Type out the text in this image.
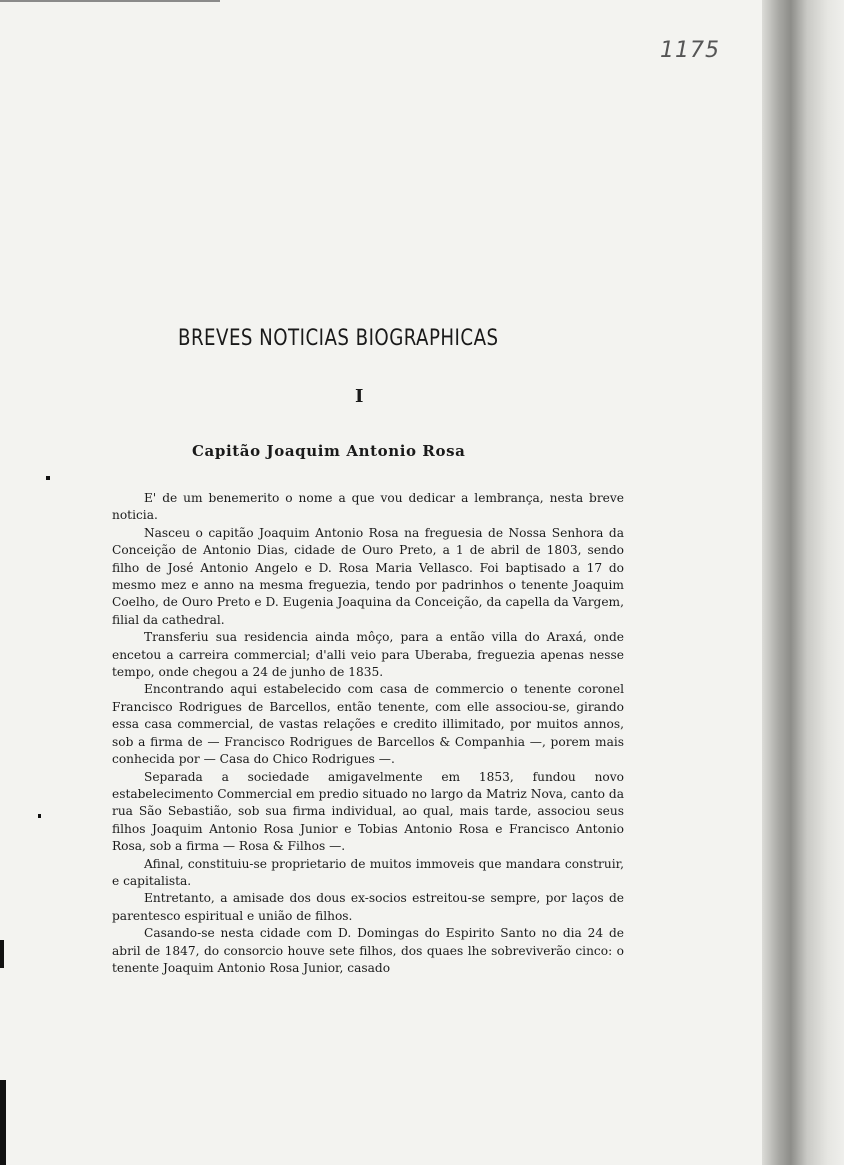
1175
BREVES NOTICIAS BIOGRAPHICAS
I
Capitão Joaquim Antonio Rosa

E' de um benemerito o nome a que vou dedicar a lembrança, nesta breve noticia.

Nasceu o capitão Joaquim Antonio Rosa na freguesia de Nossa Senhora da Conceição de Antonio Dias, cidade de Ouro Preto, a 1 de abril de 1803, sendo filho de José Antonio Angelo e D. Rosa Maria Vellasco. Foi baptisado a 17 do mesmo mez e anno na mesma freguezia, tendo por padrinhos o tenente Joaquim Coelho, de Ouro Preto e D. Eugenia Joaquina da Conceição, da capella da Vargem, filial da cathedral.

Transferiu sua residencia ainda môço, para a então villa do Araxá, onde encetou a carreira commercial; d'alli veio para Uberaba, freguezia apenas nesse tempo, onde chegou a 24 de junho de 1835.

Encontrando aqui estabelecido com casa de commercio o tenente coronel Francisco Rodrigues de Barcellos, então tenente, com elle associou-se, girando essa casa commercial, de vastas relações e credito illimitado, por muitos annos, sob a firma de — Francisco Rodrigues de Barcellos & Companhia —, porem mais conhecida por — Casa do Chico Rodrigues —.

Separada a sociedade amigavelmente em 1853, fundou novo estabelecimento Commercial em predio situado no largo da Matriz Nova, canto da rua São Sebastião, sob sua firma individual, ao qual, mais tarde, associou seus filhos Joaquim Antonio Rosa Junior e Tobias Antonio Rosa e Francisco Antonio Rosa, sob a firma — Rosa & Filhos —.

Afinal, constituiu-se proprietario de muitos immoveis que mandara construir, e capitalista.

Entretanto, a amisade dos dous ex-socios estreitou-se sempre, por laços de parentesco espiritual e união de filhos.

Casando-se nesta cidade com D. Domingas do Espirito Santo no dia 24 de abril de 1847, do consorcio houve sete filhos, dos quaes lhe sobreviverão cinco: o tenente Joaquim Antonio Rosa Junior, casado
